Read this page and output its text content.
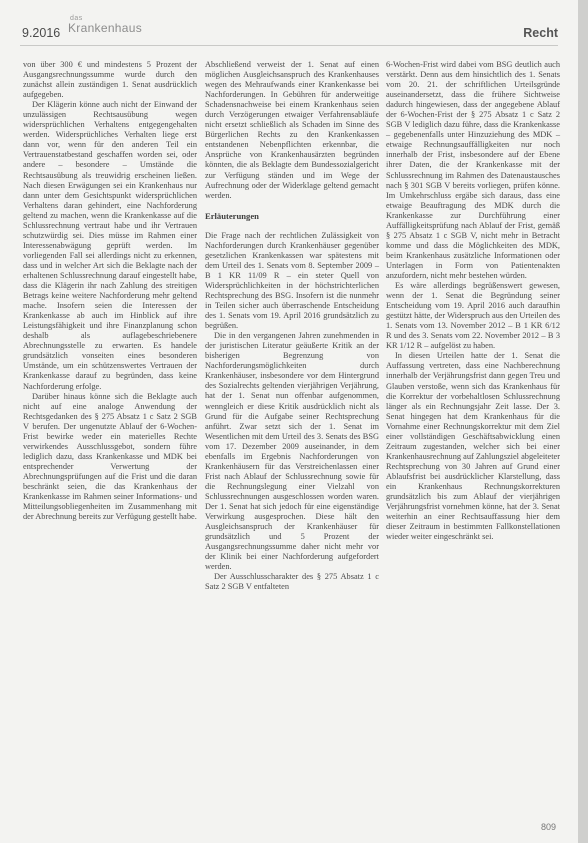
9.2016
das
Krankenhaus	Recht

von über 300 € und mindestens 5 Prozent der Ausgangsrechnungssumme wurde durch den zunächst allein zuständigen 1. Senat ausdrücklich aufgegeben.

Der Klägerin könne auch nicht der Einwand der unzulässigen Rechtsausübung wegen widersprüchlichen Verhaltens entgegengehalten werden. Widersprüchliches Verhalten liege erst dann vor, wenn für den anderen Teil ein Vertrauenstatbestand geschaffen worden sei, oder andere – besondere – Umstände die Rechtsausübung als treuwidrig erscheinen ließen. Nach diesen Erwägungen sei ein Krankenhaus nur dann unter dem Gesichtspunkt widersprüchlichen Verhaltens daran gehindert, eine Nachforderung geltend zu machen, wenn die Krankenkasse auf die Schlussrechnung vertraut habe und ihr Vertrauen schutzwürdig sei. Dies müsse im Rahmen einer Interessenabwägung geprüft werden. Im vorliegenden Fall sei allerdings nicht zu erkennen, dass und in welcher Art sich die Beklagte nach der erhaltenen Schlussrechnung darauf eingestellt habe, dass die Klägerin ihr nach Zahlung des streitigen Betrags keine weitere Nachforderung mehr geltend mache. Insofern seien die Interessen der Krankenkasse ab auch im Hinblick auf ihre Leistungsfähigkeit und ihre Finanzplanung schon deshalb als auflagebeschriebenere Abrechnungsstelle zu erwarten. Es handele grundsätzlich vonseiten eines besonderen Umstände, um ein schützenswertes Vertrauen der Krankenkasse darauf zu begründen, dass keine Nachforderung erfolge.

Darüber hinaus könne sich die Beklagte auch nicht auf eine analoge Anwendung der Rechtsgedanken des § 275 Absatz 1 c Satz 2 SGB V berufen. Der ungenutzte Ablauf der 6-Wochen-Frist bewirke weder ein materielles Rechte verwirkendes Ausschlussgebot, sondern führe lediglich dazu, dass Krankenkasse und MDK bei entsprechender Verwertung der Abrechnungsprüfungen auf die Frist und die daran beschränkt seien, die das Krankenhaus der Krankenkasse im Rahmen seiner Informations- und Mitteilungsobliegenheiten im Zusammenhang mit der Abrechnung bereits zur Verfügung gestellt habe.

Abschließend verweist der 1. Senat auf einen möglichen Ausgleichsanspruch des Krankenhauses wegen des Mehraufwands einer Krankenkasse bei Nachforderungen. In Gebühren für anderweitige Schadensnachweise bei einem Krankenhaus seien durch Verzögerungen etwaiger Verfahrensabläufe nicht ersetzt schließlich als Schaden im Sinne des Bürgerlichen Rechts zu den Krankenkassen entstandenen Nebenpflichten erkennbar, die Ansprüche von Krankenhausärzten begründen könnten, die als Beklagte dem Bundessozialgericht zur Verfügung ständen und im Wege der Aufrechnung oder der Widerklage geltend gemacht werden.

Erläuterungen

Die Frage nach der rechtlichen Zulässigkeit von Nachforderungen durch Krankenhäuser gegenüber gesetzlichen Krankenkassen war spätestens mit dem Urteil des 1. Senats vom 8. September 2009 – B 1 KR 11/09 R – ein steter Quell von Widersprüchlichkeiten in der höchstrichterlichen Rechtsprechung des BSG. Insofern ist die nunmehr in Teilen sicher auch überraschende Entscheidung des 1. Senats vom 19. April 2016 grundsätzlich zu begrüßen.

Die in den vergangenen Jahren zunehmenden in der juristischen Literatur geäußerte Kritik an der bisherigen Begrenzung von Nachforderungsmöglichkeiten durch Krankenhäuser, insbesondere vor dem Hintergrund des Sozialrechts geltenden vierjährigen Verjährung, hat der 1. Senat nun offenbar aufgenommen, wenngleich er diese Kritik ausdrücklich nicht als Grund für die Aufgabe seiner Rechtsprechung anführt. Zwar setzt sich der 1. Senat im Wesentlichen mit dem Urteil des 3. Senats des BSG vom 17. Dezember 2009 auseinander, in dem ebenfalls im Ergebnis Nachforderungen von Krankenhäusern für das Verstreichenlassen einer Frist nach Ablauf der Schlussrechnung sowie für die Rechnungslegung einer Vielzahl von Schlussrechnungen ausgeschlossen worden waren. Der 1. Senat hat sich jedoch für eine eigenständige Verwirkung ausgesprochen. Diese hält den Ausgleichsanspruch der Krankenhäuser für grundsätzlich und 5 Prozent der Ausgangsrechnungssumme daher nicht mehr vor der Klinik bei einer Nachforderung aufgefordert werden.

Der Ausschlusscharakter des § 275 Absatz 1 c Satz 2 SGB V entfalteten

6-Wochen-Frist wird dabei vom BSG deutlich auch verstärkt. Denn aus dem hinsichtlich des 1. Senats vom 20. 21. der schriftlichen Urteilsgründe auseinandersetzt, dass die frühere Sichtweise dadurch hingewiesen, dass der angegebene Ablauf der 6-Wochen-Frist der § 275 Absatz 1 c Satz 2 SGB V lediglich dazu führe, dass die Krankenkasse – gegebenenfalls unter Hinzuziehung des MDK – etwaige Rechnungsauffälligkeiten nur noch innerhalb der Frist, insbesondere auf der Ebene ihrer Daten, die der Krankenkasse mit der Schlussrechnung im Rahmen des Datenaustausches nach § 301 SGB V bereits vorliegen, prüfen könne. Im Umkehrschluss ergäbe sich daraus, dass eine etwaige Beauftragung des MDK durch die Krankenkasse zur Durchführung einer Auffälligkeitsprüfung nach Ablauf der Frist, gemäß § 275 Absatz 1 c SGB V, nicht mehr in Betracht komme und dass die Möglichkeiten des MDK, beim Krankenhaus zusätzliche Informationen oder Unterlagen in Form von Patientenakten anzufordern, nicht mehr bestehen würden.

Es wäre allerdings begrüßenswert gewesen, wenn der 1. Senat die Begründung seiner Entscheidung vom 19. April 2016 auch daraufhin gestützt hätte, der Widerspruch aus den Urteilen des 1. Senats vom 13. November 2012 – B 1 KR 6/12 R und des 3. Senats vom 22. November 2012 – B 3 KR 1/12 R – aufgelöst zu haben.

In diesen Urteilen hatte der 1. Senat die Auffassung vertreten, dass eine Nachberechnung innerhalb der Verjährungsfrist dann gegen Treu und Glauben verstoße, wenn sich das Krankenhaus für die Korrektur der vorbehaltlosen Schlussrechnung länger als ein Rechnungsjahr Zeit lasse. Der 3. Senat hingegen hat dem Krankenhaus für die Vornahme einer Rechnungskorrektur mit dem Ziel einer vollständigen Geschäftsabwicklung einen Zeitraum zugestanden, welcher sich bei einer Krankenhausrechnung auf Zahlungsziel abgeleiteter Rechtsprechung von 30 Jahren auf Grund einer Ablaufsfrist bei ausdrücklicher Klarstellung, dass ein Krankenhaus Rechnungskorrekturen grundsätzlich bis zum Ablauf der vierjährigen Verjährungsfrist vornehmen könne, hat der 3. Senat weiterhin an einer Rechtsauffassung hier dem dieser Zeitraum in bestimmten Fallkonstellationen wieder weiter eingeschränkt sei.

809
